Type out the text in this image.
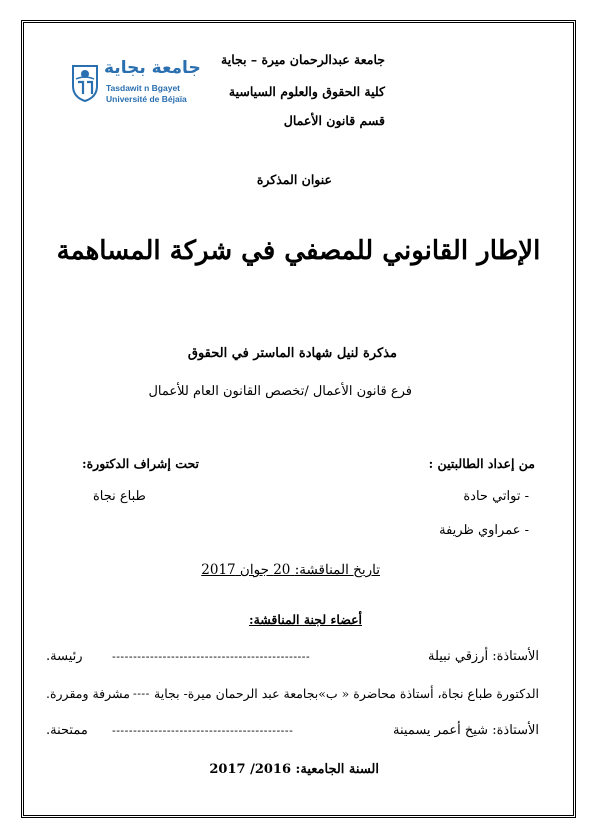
جامعة بجاية
Tasdawit n Bgayet
Université de Béjaïa
جامعة عبدالرحمان ميرة – بجاية
كلية الحقوق والعلوم السياسية
قسم قانون الأعمال
عنوان المذكرة
الإطار القانوني للمصفي في شركة المساهمة
مذكرة لنيل شهادة الماستر في الحقوق
فرع قانون الأعمال /تخصص القانون العام للأعمال
من إعداد الطالبتين :
- تواتي حادة
- عمراوي ظريفة
تحت إشراف الدكتورة:
طباع نجاة
تاريخ المناقشة: 20 جوان 2017
أعضاء لجنة المناقشة:
الأستاذة: أرزقي نبيلة
-----------------------------------------------
رئيسة.
الدكتورة طباع نجاة، أستاذة محاضرة « ب»بجامعة عبد الرحمان ميرة- بجاية
----
مشرفة ومقررة.
الأستاذة: شيخ أعمر يسمينة
-------------------------------------------
ممتحنة.
السنة الجامعية: 2016/ 2017
